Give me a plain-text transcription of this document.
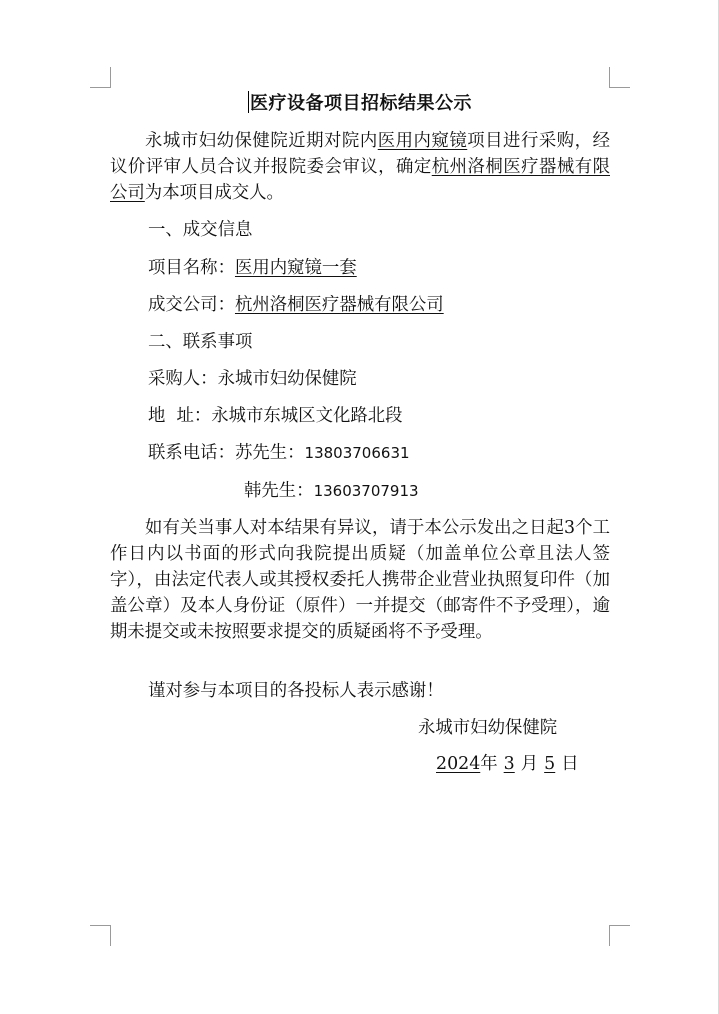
医疗设备项目招标结果公示
永城市妇幼保健院近期对院内医用内窥镜项目进行采购，经议价评审人员合议并报院委会审议，确定杭州洛桐医疗器械有限公司为本项目成交人。
一、成交信息
项目名称：医用内窥镜一套
成交公司：杭州洛桐医疗器械有限公司
二、联系事项
采购人：永城市妇幼保健院
地  址：永城市东城区文化路北段
联系电话：苏先生：13803706631
韩先生：13603707913
如有关当事人对本结果有异议，请于本公示发出之日起3个工作日内以书面的形式向我院提出质疑（加盖单位公章且法人签字），由法定代表人或其授权委托人携带企业营业执照复印件（加盖公章）及本人身份证（原件）一并提交（邮寄件不予受理），逾期未提交或未按照要求提交的质疑函将不予受理。
谨对参与本项目的各投标人表示感谢！
永城市妇幼保健院
2024年 3 月 5 日
